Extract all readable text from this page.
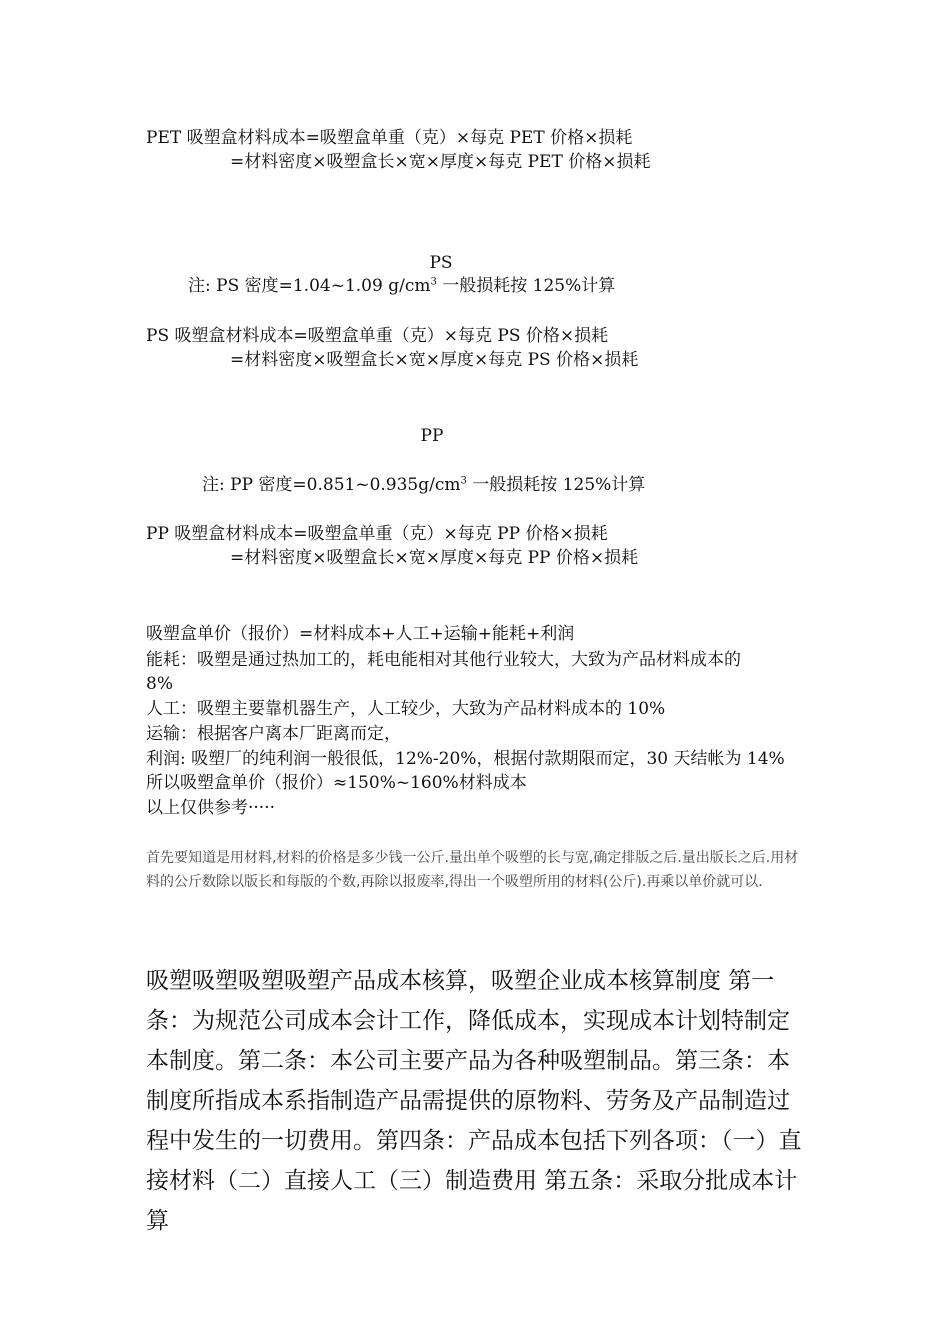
PET 吸塑盒材料成本=吸塑盒单重（克）×每克 PET 价格×损耗
=材料密度×吸塑盒长×宽×厚度×每克 PET 价格×损耗
PS
注: PS 密度=1.04~1.09 $g/cm^3$ 一般损耗按 125%计算
PS 吸塑盒材料成本=吸塑盒单重（克）×每克 PS 价格×损耗
=材料密度×吸塑盒长×宽×厚度×每克 PS 价格×损耗
PP
注: PP 密度$=0.851\sim 0.935g/cm^3$ 一般损耗按 125%计算
PP 吸塑盒材料成本=吸塑盒单重（克）×每克 PP 价格×损耗
=材料密度×吸塑盒长×宽×厚度×每克 PP 价格×损耗
吸塑盒单价（报价）=材料成本+人工+运输+能耗+利润
能耗：吸塑是通过热加工的，耗电能相对其他行业较大，大致为产品材料成本的
8%
人工：吸塑主要靠机器生产，人工较少，大致为产品材料成本的 10%
运输：根据客户离本厂距离而定，
利润: 吸塑厂的纯利润一般很低，12%-20%，根据付款期限而定，30 天结帐为 14%
所以吸塑盒单价（报价）≈150%~160%材料成本
以上仅供参考·····
首先要知道是用材料,材料的价格是多少钱一公斤.量出单个吸塑的长与宽,确定排版之后.量出版长之后.用材料的公斤数除以版长和每版的个数,再除以报废率,得出一个吸塑所用的材料(公斤).再乘以单价就可以.
吸塑吸塑吸塑吸塑产品成本核算，吸塑企业成本核算制度 第一条：为规范公司成本会计工作，降低成本，实现成本计划特制定本制度。第二条：本公司主要产品为各种吸塑制品。第三条：本制度所指成本系指制造产品需提供的原物料、劳务及产品制造过程中发生的一切费用。第四条：产品成本包括下列各项：（一）直接材料（二）直接人工（三）制造费用 第五条：采取分批成本计算
